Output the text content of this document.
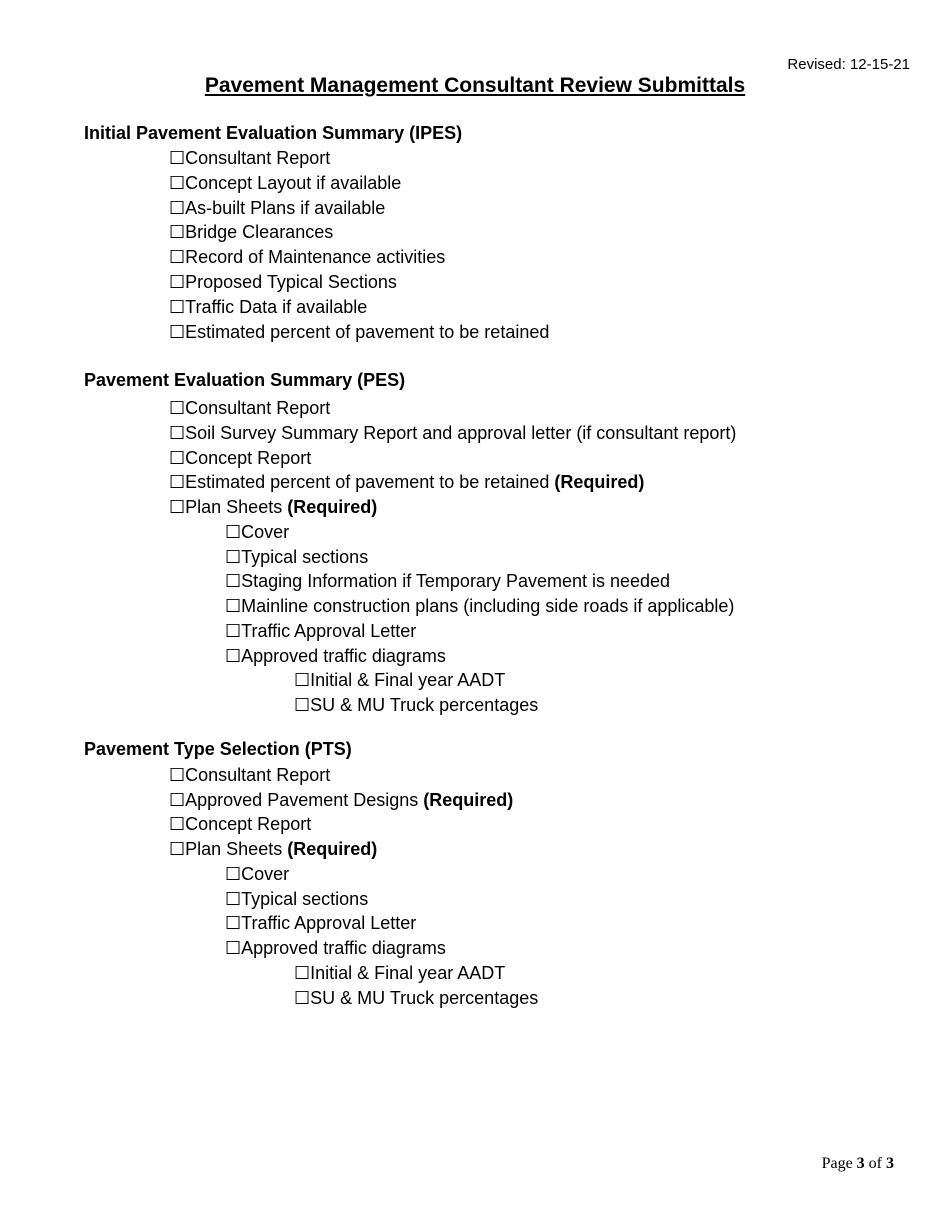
Revised: 12-15-21
Pavement Management Consultant Review Submittals
Initial Pavement Evaluation Summary (IPES)
☐Consultant Report
☐Concept Layout if available
☐As-built Plans if available
☐Bridge Clearances
☐Record of Maintenance activities
☐Proposed Typical Sections
☐Traffic Data if available
☐Estimated percent of pavement to be retained
Pavement Evaluation Summary (PES)
☐Consultant Report
☐Soil Survey Summary Report and approval letter (if consultant report)
☐Concept Report
☐Estimated percent of pavement to be retained (Required)
☐Plan Sheets (Required)
☐Cover
☐Typical sections
☐Staging Information if Temporary Pavement is needed
☐Mainline construction plans (including side roads if applicable)
☐Traffic Approval Letter
☐Approved traffic diagrams
☐Initial & Final year AADT
☐SU & MU Truck percentages
Pavement Type Selection (PTS)
☐Consultant Report
☐Approved Pavement Designs (Required)
☐Concept Report
☐Plan Sheets (Required)
☐Cover
☐Typical sections
☐Traffic Approval Letter
☐Approved traffic diagrams
☐Initial & Final year AADT
☐SU & MU Truck percentages
Page 3 of 3
